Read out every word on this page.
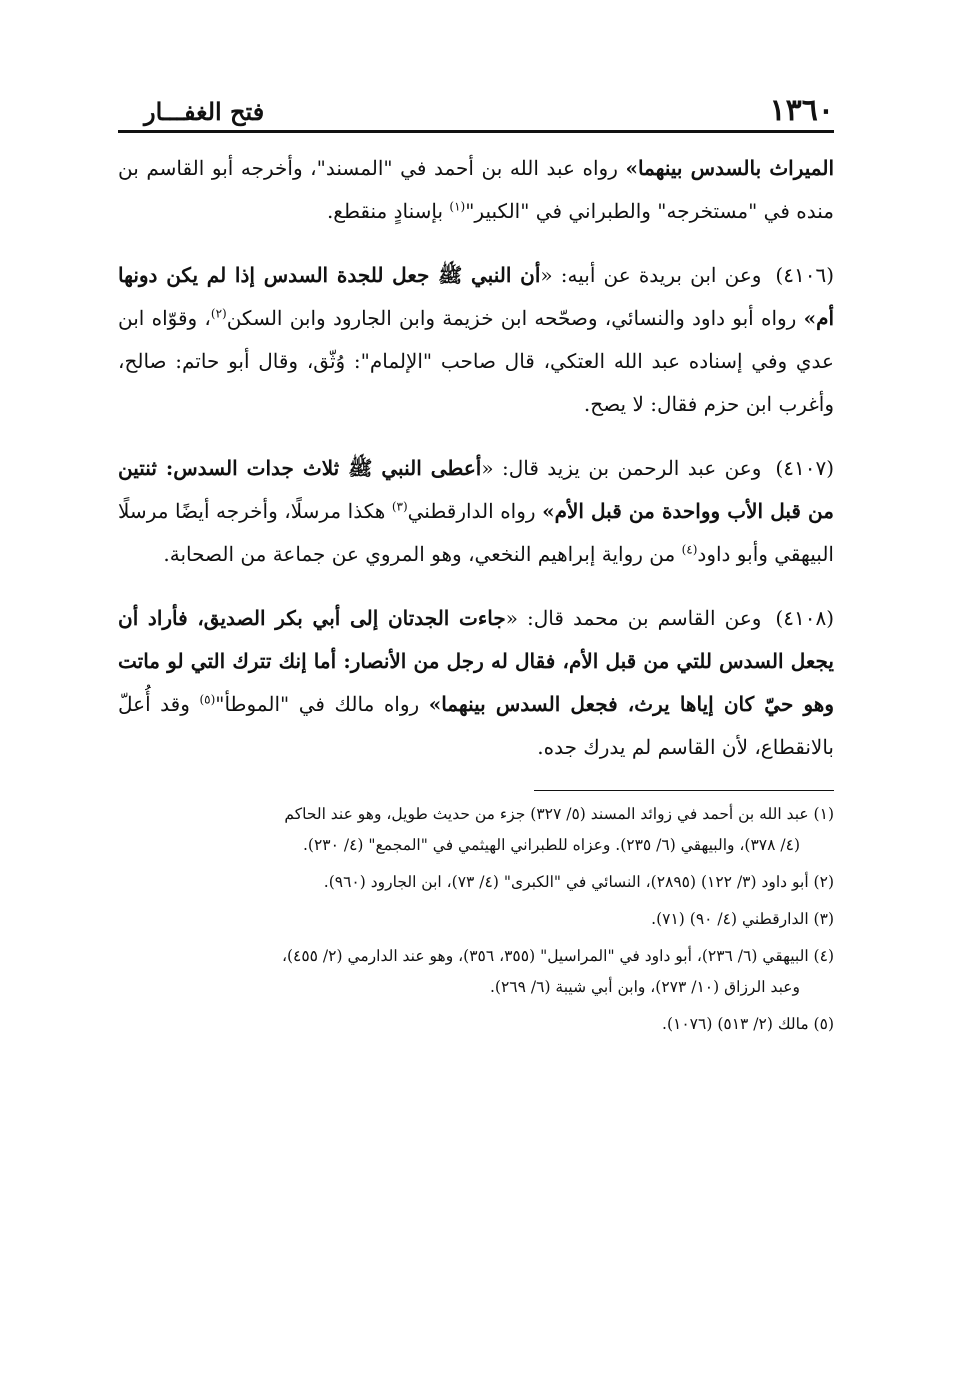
١٣٦٠
فتح الغفـــار

الميراث بالسدس بينهما» رواه عبد الله بن أحمد في "المسند"، وأخرجه أبو القاسم بن منده في "مستخرجه" والطبراني في "الكبير"$^{(١)}$ بإسنادٍ منقطع.

(٤١٠٦)وعن ابن بريدة عن أبيه: «أن النبي ﷺ جعل للجدة السدس إذا لم يكن دونها أم» رواه أبو داود والنسائي، وصحّحه ابن خزيمة وابن الجارود وابن السكن$^{(٢)}$، وقوّاه ابن عدي وفي إسناده عبد الله العتكي، قال صاحب "الإلمام": وُثّق، وقال أبو حاتم: صالح، وأغرب ابن حزم فقال: لا يصح.

(٤١٠٧)وعن عبد الرحمن بن يزيد قال: «أعطى النبي ﷺ ثلاث جدات السدس: ثنتين من قبل الأب وواحدة من قبل الأم» رواه الدارقطني$^{(٣)}$ هكذا مرسلًا، وأخرجه أيضًا مرسلًا البيهقي وأبو داود$^{(٤)}$ من رواية إبراهيم النخعي، وهو المروي عن جماعة من الصحابة.

(٤١٠٨)وعن القاسم بن محمد قال: «جاءت الجدتان إلى أبي بكر الصديق، فأراد أن يجعل السدس للتي من قبل الأم، فقال له رجل من الأنصار: أما إنك تترك التي لو ماتت وهو حيّ كان إياها يرث، فجعل السدس بينهما» رواه مالك في "الموطأ"$^{(٥)}$ وقد أُعلّ بالانقطاع، لأن القاسم لم يدرك جده.

(١) عبد الله بن أحمد في زوائد المسند (٥/ ٣٢٧) جزء من حديث طويل، وهو عند الحاكم
(٤/ ٣٧٨)، والبيهقي (٦/ ٢٣٥). وعزاه للطبراني الهيثمي في "المجمع" (٤/ ٢٣٠).
(٢) أبو داود (٣/ ١٢٢) (٢٨٩٥)، النسائي في "الكبرى" (٤/ ٧٣)، ابن الجارود (٩٦٠).
(٣) الدارقطني (٤/ ٩٠) (٧١).
(٤) البيهقي (٦/ ٢٣٦)، أبو داود في "المراسيل" (٣٥٥، ٣٥٦)، وهو عند الدارمي (٢/ ٤٥٥)،
وعبد الرزاق (١٠/ ٢٧٣)، وابن أبي شيبة (٦/ ٢٦٩).
(٥) مالك (٢/ ٥١٣) (١٠٧٦).
